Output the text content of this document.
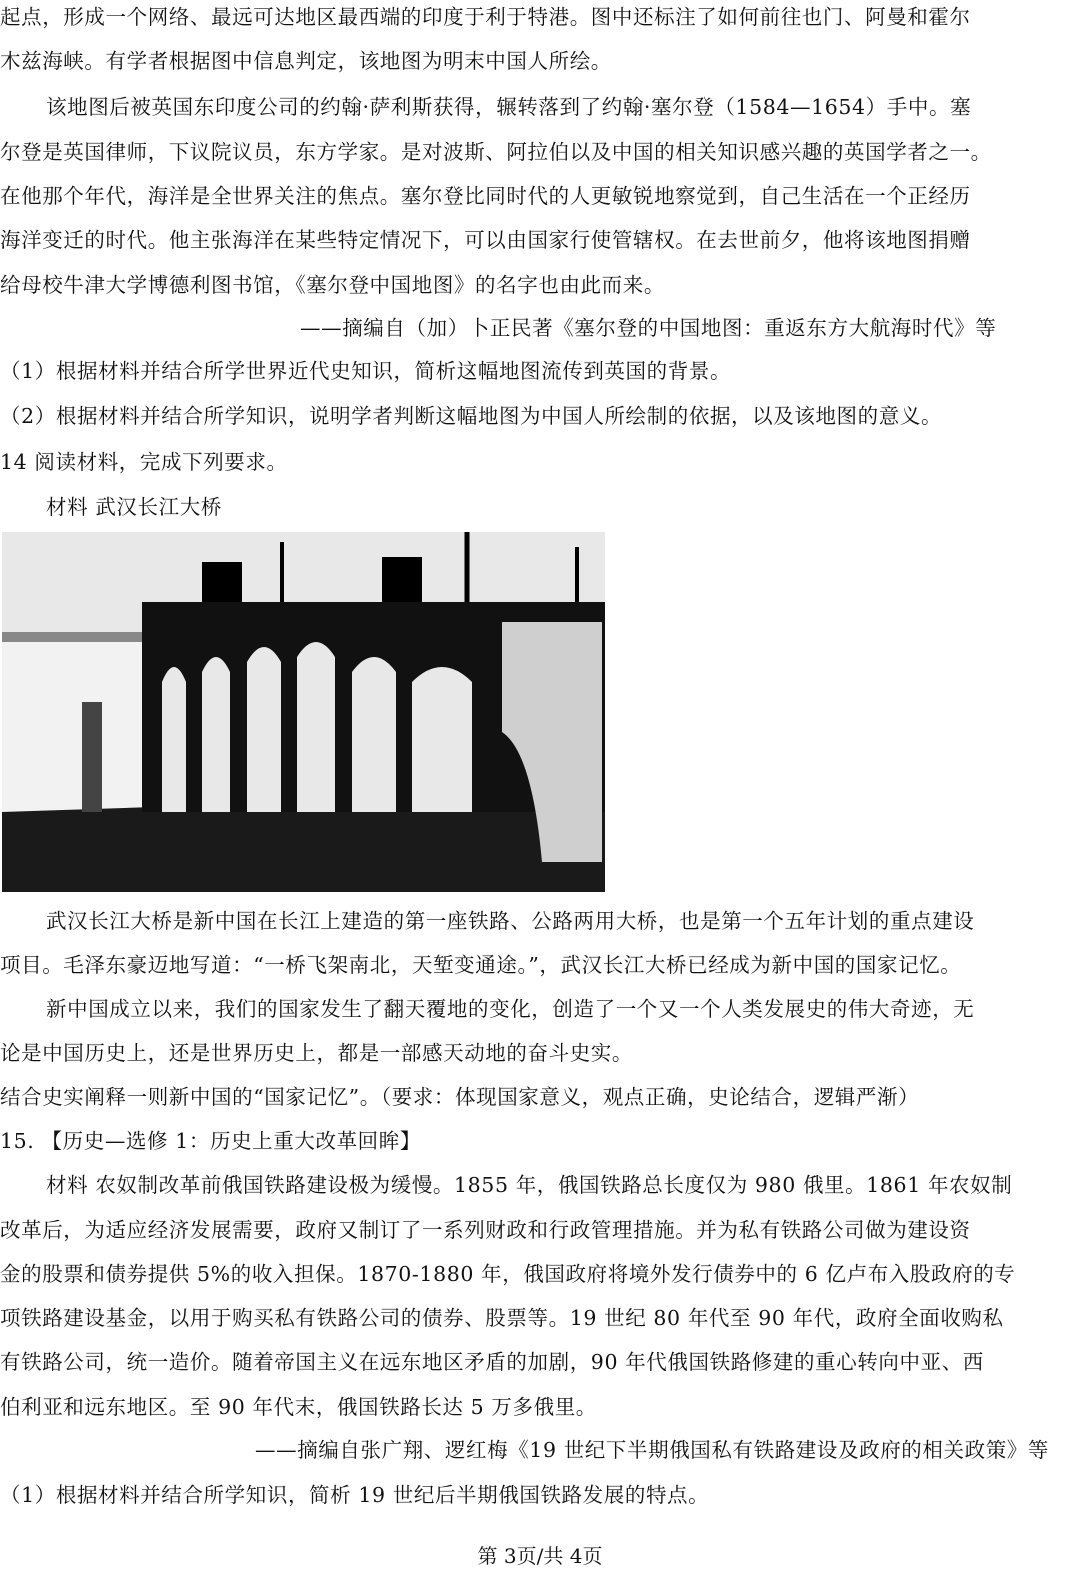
起点，形成一个网络、最远可达地区最西端的印度于利于特港。图中还标注了如何前往也门、阿曼和霍尔
木兹海峡。有学者根据图中信息判定，该地图为明末中国人所绘。
该地图后被英国东印度公司的约翰·萨利斯获得，辗转落到了约翰·塞尔登（1584—1654）手中。塞
尔登是英国律师，下议院议员，东方学家。是对波斯、阿拉伯以及中国的相关知识感兴趣的英国学者之一。
在他那个年代，海洋是全世界关注的焦点。塞尔登比同时代的人更敏锐地察觉到，自己生活在一个正经历
海洋变迁的时代。他主张海洋在某些特定情况下，可以由国家行使管辖权。在去世前夕，他将该地图捐赠
给母校牛津大学博德利图书馆，《塞尔登中国地图》的名字也由此而来。
——摘编自（加）卜正民著《塞尔登的中国地图：重返东方大航海时代》等
（1）根据材料并结合所学世界近代史知识，简析这幅地图流传到英国的背景。
（2）根据材料并结合所学知识，说明学者判断这幅地图为中国人所绘制的依据，以及该地图的意义。
14 阅读材料，完成下列要求。
材料 武汉长江大桥
武汉长江大桥是新中国在长江上建造的第一座铁路、公路两用大桥，也是第一个五年计划的重点建设
项目。毛泽东豪迈地写道：“一桥飞架南北，天堑变通途。”，武汉长江大桥已经成为新中国的国家记忆。
新中国成立以来，我们的国家发生了翻天覆地的变化，创造了一个又一个人类发展史的伟大奇迹，无
论是中国历史上，还是世界历史上，都是一部感天动地的奋斗史实。
结合史实阐释一则新中国的“国家记忆”。（要求：体现国家意义，观点正确，史论结合，逻辑严渐）
15. 【历史—选修 1：历史上重大改革回眸】
材料 农奴制改革前俄国铁路建设极为缓慢。1855 年，俄国铁路总长度仅为 980 俄里。1861 年农奴制
改革后，为适应经济发展需要，政府又制订了一系列财政和行政管理措施。并为私有铁路公司做为建设资
金的股票和债券提供 5%的收入担保。1870-1880 年，俄国政府将境外发行债券中的 6 亿卢布入股政府的专
项铁路建设基金，以用于购买私有铁路公司的债券、股票等。19 世纪 80 年代至 90 年代，政府全面收购私
有铁路公司，统一造价。随着帝国主义在远东地区矛盾的加剧，90 年代俄国铁路修建的重心转向中亚、西
伯利亚和远东地区。至 90 年代末，俄国铁路长达 5 万多俄里。
——摘编自张广翔、逻红梅《19 世纪下半期俄国私有铁路建设及政府的相关政策》等
（1）根据材料并结合所学知识，简析 19 世纪后半期俄国铁路发展的特点。
第 3页/共 4页
